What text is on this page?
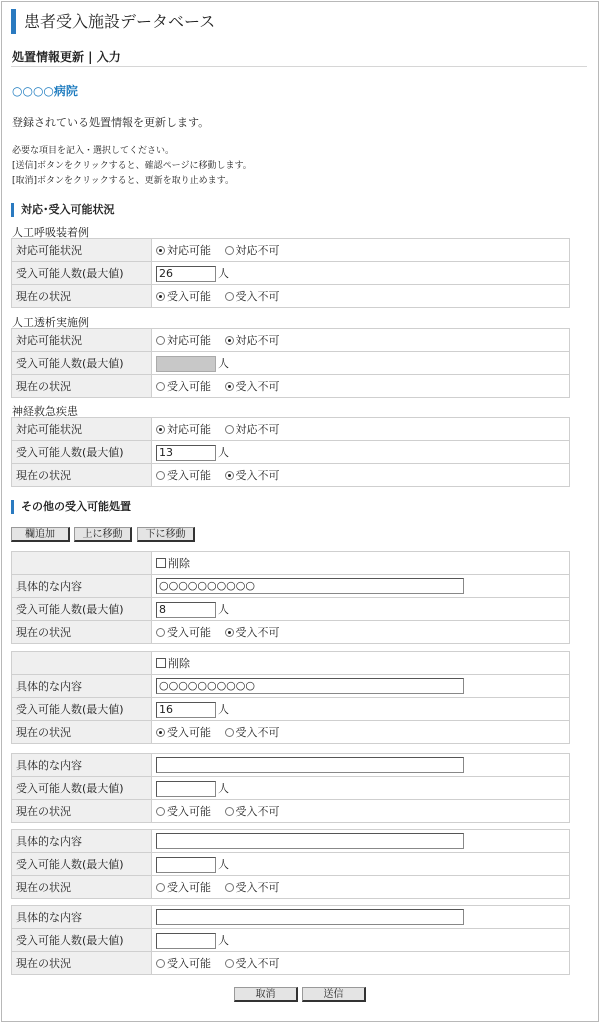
患者受入施設データベース
処置情報更新 | 入力
○○○○病院
登録されている処置情報を更新します。
必要な項目を記入・選択してください。
[送信]ボタンをクリックすると、確認ページに移動します。
[取消]ボタンをクリックすると、更新を取り止めます。
対応･受入可能状況
人工呼吸装着例
対応可能状況	対応可能 対応不可
受入可能人数(最大値)	26 人
現在の状況	受入可能 受入不可
人工透析実施例
対応可能状況	対応可能 対応不可
受入可能人数(最大値)	人
現在の状況	受入可能 受入不可
神経救急疾患
対応可能状況	対応可能 対応不可
受入可能人数(最大値)	13 人
現在の状況	受入可能 受入不可
その他の受入可能処置
欄追加	上に移動	下に移動
	削除
具体的な内容	○○○○○○○○○○
受入可能人数(最大値)	8 人
現在の状況	受入可能 受入不可
	削除
具体的な内容	○○○○○○○○○○
受入可能人数(最大値)	16 人
現在の状況	受入可能 受入不可
具体的な内容	
受入可能人数(最大値)	人
現在の状況	受入可能 受入不可
具体的な内容	
受入可能人数(最大値)	人
現在の状況	受入可能 受入不可
具体的な内容	
受入可能人数(最大値)	人
現在の状況	受入可能 受入不可
取消	送信
